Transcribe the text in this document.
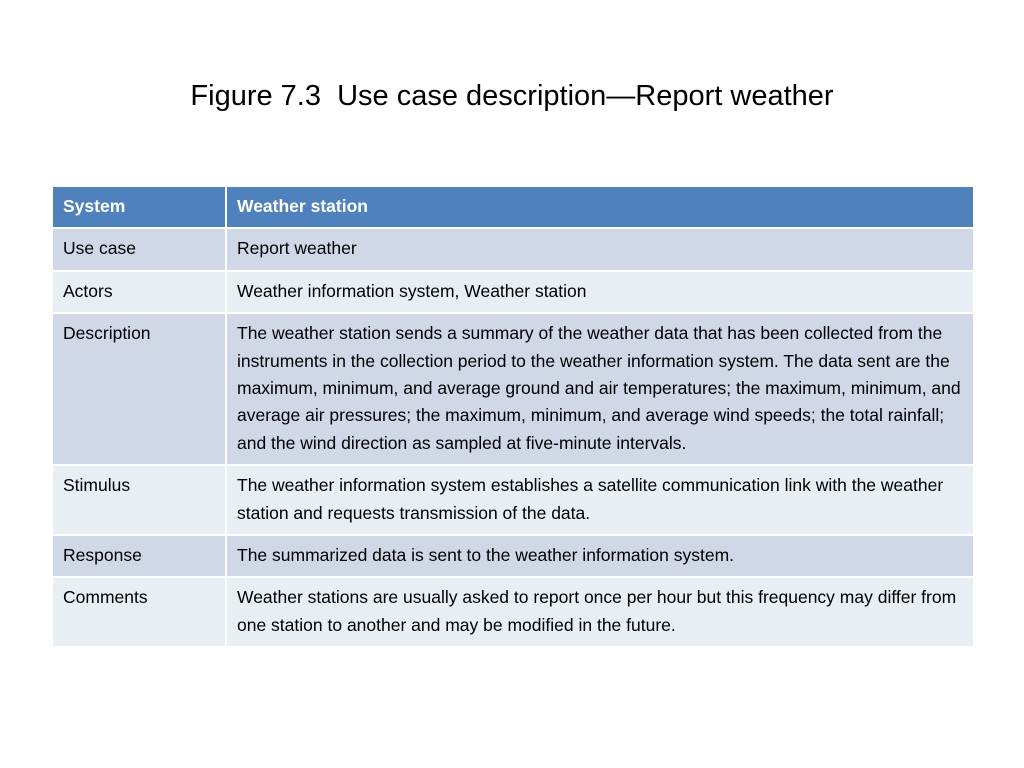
Figure 7.3  Use case description—Report weather
System	Weather station
Use case	Report weather
Actors	Weather information system, Weather station
Description	The weather station sends a summary of the weather data that has been collected from the instruments in the collection period to the weather information system. The data sent are the maximum, minimum, and average ground and air temperatures; the maximum, minimum, and average air pressures; the maximum, minimum, and average wind speeds; the total rainfall; and the wind direction as sampled at five-minute intervals.
Stimulus	The weather information system establishes a satellite communication link with the weather station and requests transmission of the data.
Response	The summarized data is sent to the weather information system.
Comments	Weather stations are usually asked to report once per hour but this frequency may differ from one station to another and may be modified in the future.
